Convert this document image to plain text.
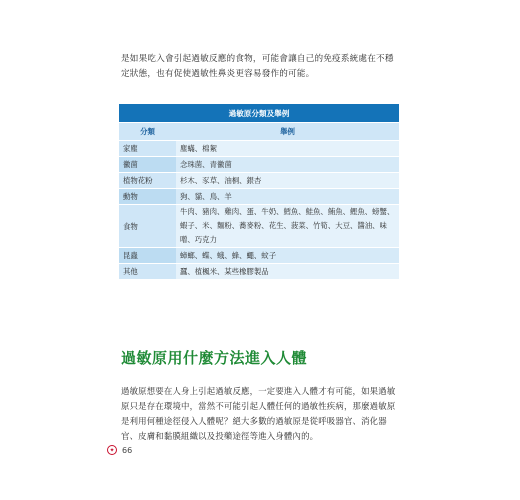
是如果吃入會引起過敏反應的食物，可能會讓自己的免疫系統處在不穩定狀態，也有促使過敏性鼻炎更容易發作的可能。

過敏原分類及舉例	
分類	舉例
家塵	塵蟎、棉絮
黴菌	念珠菌、青黴菌
植物花粉	杉木、豕草、油桐、銀杏
動物	狗、貓、鳥、羊
食物	牛肉、豬肉、雞肉、蛋、牛奶、鱈魚、鮭魚、鮪魚、鰹魚、螃蟹、蝦子、米、麵粉、蕎麥粉、花生、菠菜、竹筍、大豆、醬油、味噌、巧克力
昆蟲	蟑螂、蝶、蛾、蜂、蠅、蚊子
其他	蠶、植楓米、某些橡膠製品
過敏原用什麼方法進入人體

過敏原想要在人身上引起過敏反應，一定要進入人體才有可能，如果過敏原只是存在環境中，當然不可能引起人體任何的過敏性疾病，那麼過敏原是利用何種途徑侵入人體呢？絕大多數的過敏原是從呼吸器官、消化器官、皮膚和黏膜組織以及投藥途徑等進入身體內的。

✦ 66
